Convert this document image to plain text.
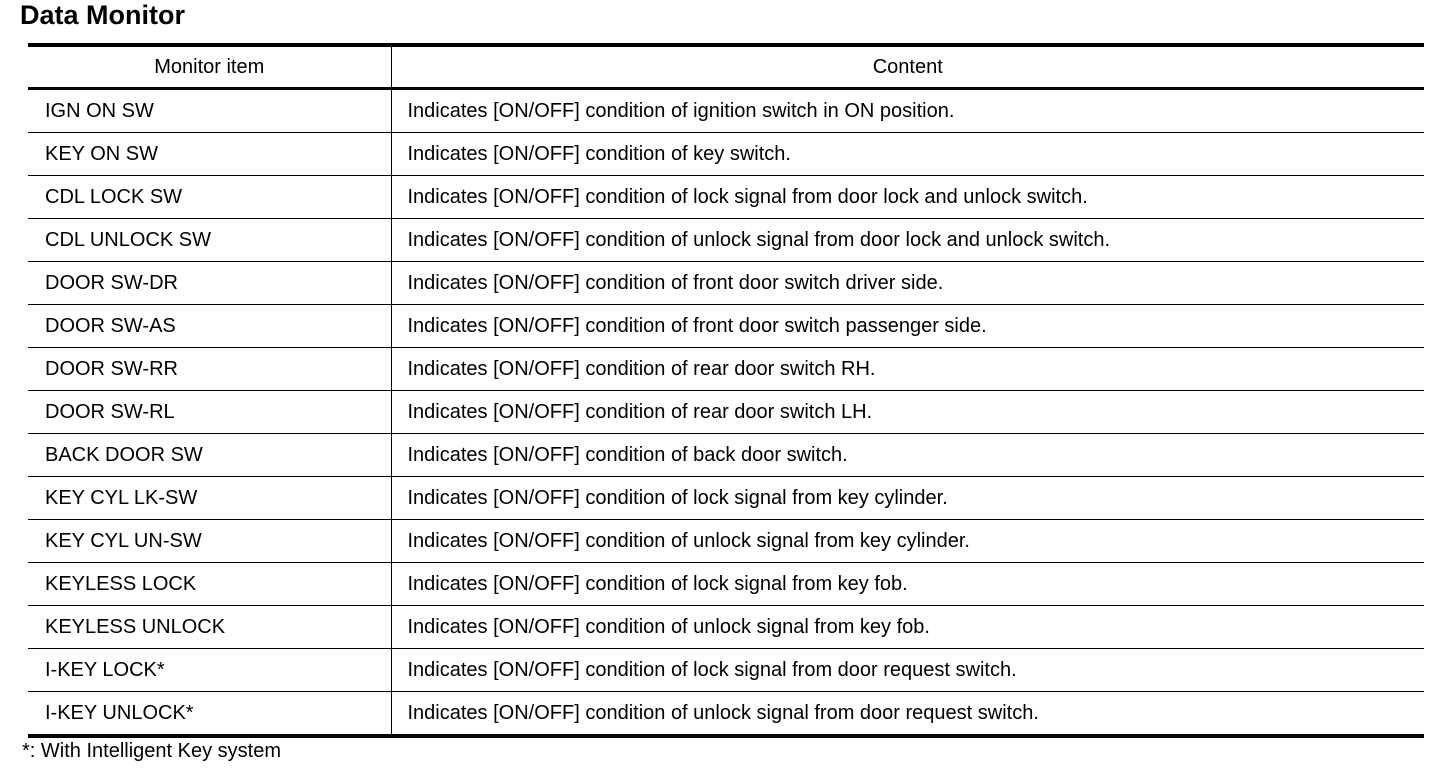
Data Monitor
Monitor item	Content
IGN ON SW	Indicates [ON/OFF] condition of ignition switch in ON position.
KEY ON SW	Indicates [ON/OFF] condition of key switch.
CDL LOCK SW	Indicates [ON/OFF] condition of lock signal from door lock and unlock switch.
CDL UNLOCK SW	Indicates [ON/OFF] condition of unlock signal from door lock and unlock switch.
DOOR SW-DR	Indicates [ON/OFF] condition of front door switch driver side.
DOOR SW-AS	Indicates [ON/OFF] condition of front door switch passenger side.
DOOR SW-RR	Indicates [ON/OFF] condition of rear door switch RH.
DOOR SW-RL	Indicates [ON/OFF] condition of rear door switch LH.
BACK DOOR SW	Indicates [ON/OFF] condition of back door switch.
KEY CYL LK-SW	Indicates [ON/OFF] condition of lock signal from key cylinder.
KEY CYL UN-SW	Indicates [ON/OFF] condition of unlock signal from key cylinder.
KEYLESS LOCK	Indicates [ON/OFF] condition of lock signal from key fob.
KEYLESS UNLOCK	Indicates [ON/OFF] condition of unlock signal from key fob.
I-KEY LOCK*	Indicates [ON/OFF] condition of lock signal from door request switch.
I-KEY UNLOCK*	Indicates [ON/OFF] condition of unlock signal from door request switch.
*: With Intelligent Key system
